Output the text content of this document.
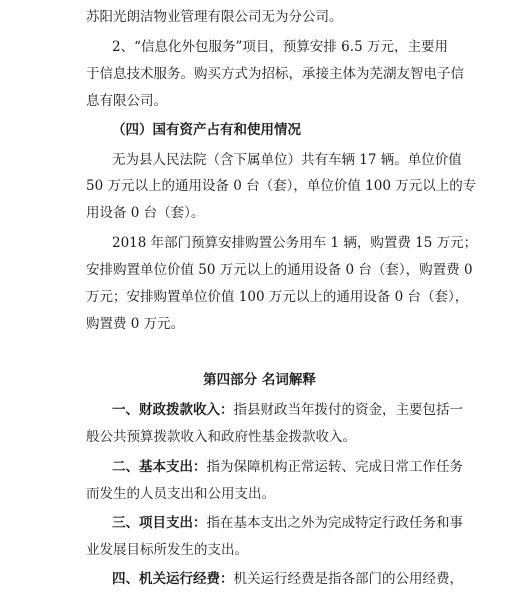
苏阳光朗洁物业管理有限公司无为分公司。
2、“信息化外包服务”项目，预算安排 6.5 万元，主要用
于信息技术服务。购买方式为招标，承接主体为芜湖友智电子信
息有限公司。
（四）国有资产占有和使用情况
无为县人民法院（含下属单位）共有车辆 17 辆。单位价值
50 万元以上的通用设备 0 台（套），单位价值 100 万元以上的专
用设备 0 台（套）。
2018 年部门预算安排购置公务用车 1 辆，购置费 15 万元；
安排购置单位价值 50 万元以上的通用设备 0 台（套），购置费 0
万元；安排购置单位价值 100 万元以上的通用设备 0 台（套），
购置费 0 万元。
第四部分 名词解释
一、财政拨款收入：指县财政当年拨付的资金，主要包括一
般公共预算拨款收入和政府性基金拨款收入。
二、基本支出：指为保障机构正常运转、完成日常工作任务
而发生的人员支出和公用支出。
三、项目支出：指在基本支出之外为完成特定行政任务和事
业发展目标所发生的支出。
四、机关运行经费：机关运行经费是指各部门的公用经费，
